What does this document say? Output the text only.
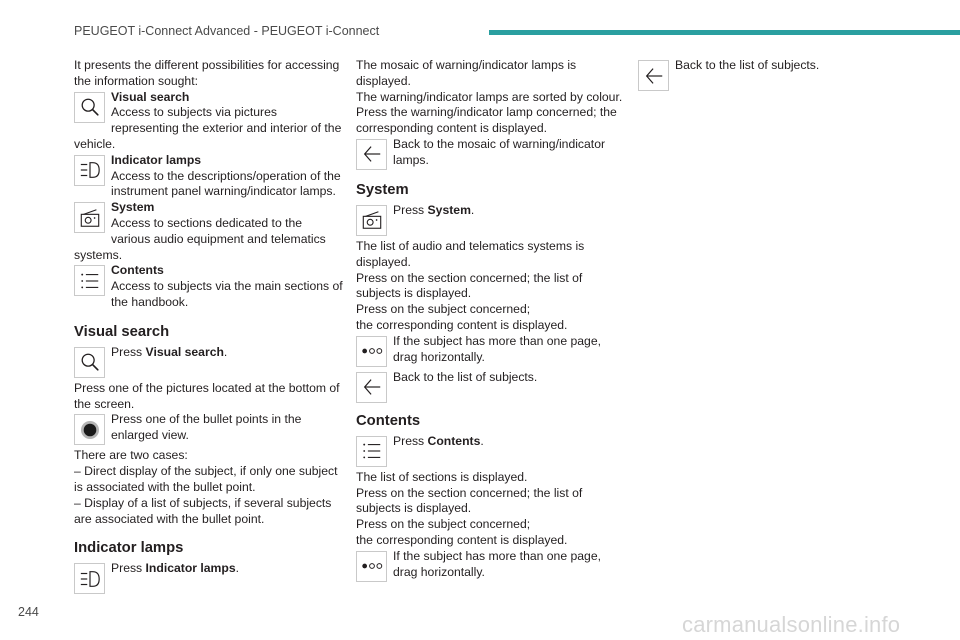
PEUGEOT i-Connect Advanced - PEUGEOT i-Connect

It presents the different possibilities for accessing the information sought:

Visual search
Access to subjects via pictures representing the exterior and interior of the vehicle.
Indicator lamps
Access to the descriptions/operation of the instrument panel warning/indicator lamps.
System
Access to sections dedicated to the various audio equipment and telematics systems.
Contents
Access to subjects via the main sections of the handbook.
Visual search
Press Visual search.

Press one of the pictures located at the bottom of the screen.

Press one of the bullet points in the enlarged view.

There are two cases:

– Direct display of the subject, if only one subject is associated with the bullet point.

– Display of a list of subjects, if several subjects are associated with the bullet point.

Indicator lamps
Press Indicator lamps.

The mosaic of warning/indicator lamps is displayed.

The warning/indicator lamps are sorted by colour.

Press the warning/indicator lamp concerned; the corresponding content is displayed.

Back to the mosaic of warning/indicator lamps.
System
Press System.

The list of audio and telematics systems is displayed.

Press on the section concerned; the list of subjects is displayed.

Press on the subject concerned;

the corresponding content is displayed.

If the subject has more than one page, drag horizontally.
Back to the list of subjects.
Contents
Press Contents.

The list of sections is displayed.

Press on the section concerned; the list of subjects is displayed.

Press on the subject concerned;

the corresponding content is displayed.

If the subject has more than one page, drag horizontally.
Back to the list of subjects.
244	carmanualsonline.info
